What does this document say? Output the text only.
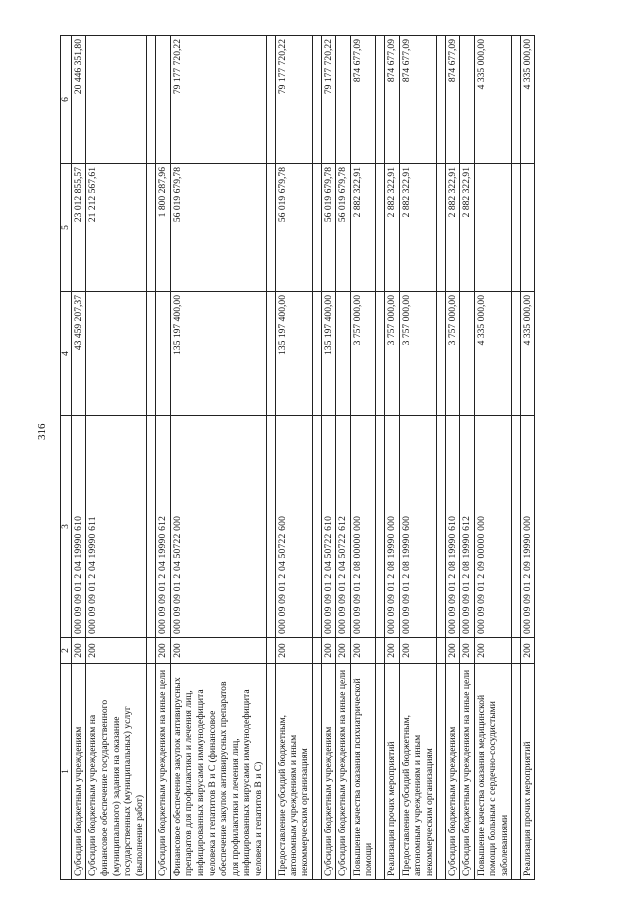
316
1	2	3	4	5	6
Субсидии бюджетным учреждениям	200	000 09 09 01 2 04 19990 610	43 459 207,37	23 012 855,57	20 446 351,80
Субсидии бюджетным учреждениям на финансовое обеспечение государственного (муниципального) задания на оказание государственных (муниципальных) услуг (выполнение работ)	200	000 09 09 01 2 04 19990 611		21 212 567,61	

Субсидии бюджетным учреждениям на иные цели	200	000 09 09 01 2 04 19990 612		1 800 287,96	
Финансовое обеспечение закупок антивирусных препаратов для профилактики и лечения лиц, инфицированных вирусами иммунодефицита человека и гепатитов B и C (финансовое обеспечение закупок антивирусных препаратов для профилактики и лечения лиц, инфицированных вирусами иммунодефицита человека и гепатитов B и C)	200	000 09 09 01 2 04 50722 000	135 197 400,00	56 019 679,78	79 177 720,22

Предоставление субсидий бюджетным, автономным учреждениям и иным некоммерческим организациям	200	000 09 09 01 2 04 50722 600	135 197 400,00	56 019 679,78	79 177 720,22

Субсидии бюджетным учреждениям	200	000 09 09 01 2 04 50722 610	135 197 400,00	56 019 679,78	79 177 720,22
Субсидии бюджетным учреждениям на иные цели	200	000 09 09 01 2 04 50722 612		56 019 679,78	
Повышение качества оказания психиатрической помощи	200	000 09 09 01 2 08 00000 000	3 757 000,00	2 882 322,91	874 677,09

Реализация прочих мероприятий	200	000 09 09 01 2 08 19990 000	3 757 000,00	2 882 322,91	874 677,09
Предоставление субсидий бюджетным, автономным учреждениям и иным некоммерческим организациям	200	000 09 09 01 2 08 19990 600	3 757 000,00	2 882 322,91	874 677,09

Субсидии бюджетным учреждениям	200	000 09 09 01 2 08 19990 610	3 757 000,00	2 882 322,91	874 677,09
Субсидии бюджетным учреждениям на иные цели	200	000 09 09 01 2 08 19990 612		2 882 322,91	
Повышение качества оказания медицинской помощи больным с сердечно-сосудистыми заболеваниями	200	000 09 09 01 2 09 00000 000	4 335 000,00		4 335 000,00

Реализация прочих мероприятий	200	000 09 09 01 2 09 19990 000	4 335 000,00		4 335 000,00
